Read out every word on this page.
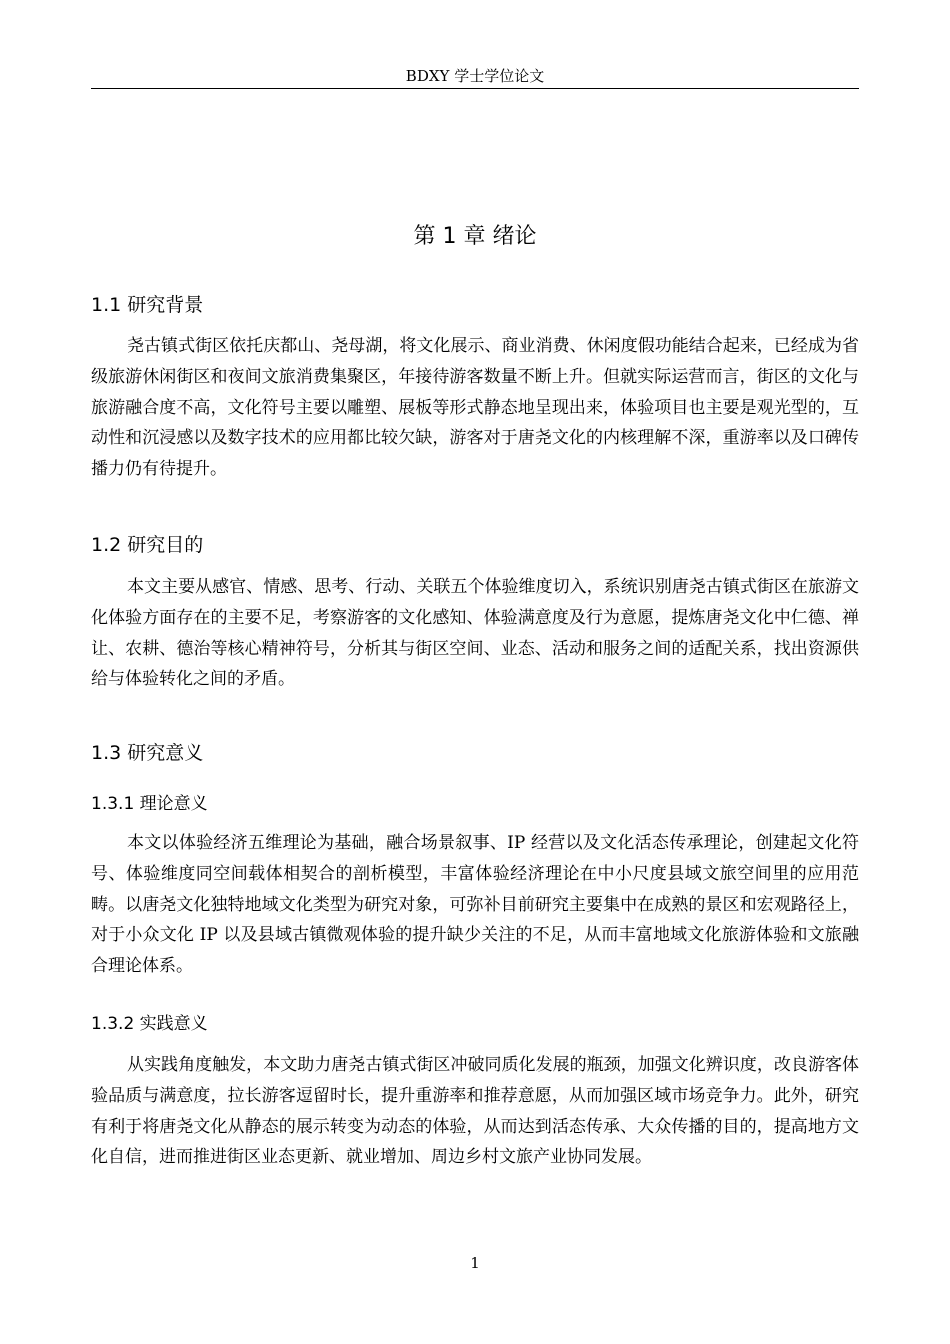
BDXY 学士学位论文
第 1 章 绪论
1.1 研究背景

尧古镇式街区依托庆都山、尧母湖，将文化展示、商业消费、休闲度假功能结合起来，已经成为省级旅游休闲街区和夜间文旅消费集聚区，年接待游客数量不断上升。但就实际运营而言，街区的文化与旅游融合度不高，文化符号主要以雕塑、展板等形式静态地呈现出来，体验项目也主要是观光型的，互动性和沉浸感以及数字技术的应用都比较欠缺，游客对于唐尧文化的内核理解不深，重游率以及口碑传播力仍有待提升。

1.2 研究目的

本文主要从感官、情感、思考、行动、关联五个体验维度切入，系统识别唐尧古镇式街区在旅游文化体验方面存在的主要不足，考察游客的文化感知、体验满意度及行为意愿，提炼唐尧文化中仁德、禅让、农耕、德治等核心精神符号，分析其与街区空间、业态、活动和服务之间的适配关系，找出资源供给与体验转化之间的矛盾。

1.3 研究意义
1.3.1 理论意义

本文以体验经济五维理论为基础，融合场景叙事、IP 经营以及文化活态传承理论，创建起文化符号、体验维度同空间载体相契合的剖析模型，丰富体验经济理论在中小尺度县域文旅空间里的应用范畴。以唐尧文化独特地域文化类型为研究对象，可弥补目前研究主要集中在成熟的景区和宏观路径上，对于小众文化 IP 以及县域古镇微观体验的提升缺少关注的不足，从而丰富地域文化旅游体验和文旅融合理论体系。

1.3.2 实践意义

从实践角度触发，本文助力唐尧古镇式街区冲破同质化发展的瓶颈，加强文化辨识度，改良游客体验品质与满意度，拉长游客逗留时长，提升重游率和推荐意愿，从而加强区域市场竞争力。此外，研究有利于将唐尧文化从静态的展示转变为动态的体验，从而达到活态传承、大众传播的目的，提高地方文化自信，进而推进街区业态更新、就业增加、周边乡村文旅产业协同发展。

1
